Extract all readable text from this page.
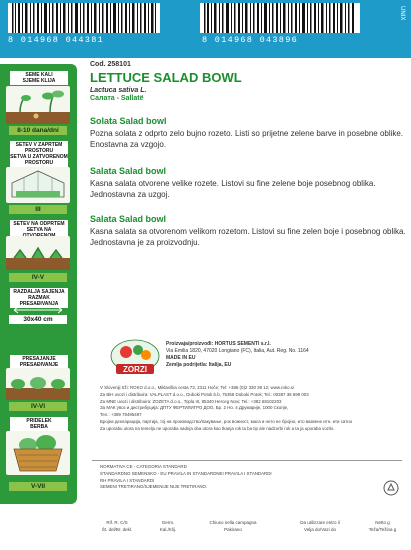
8 014968 044381	8 014968 043896
UNIX
SEME KALI
SJEME KLIJA
8-10 dana/dni
SETEV V ZAPRTEM
PROSTORU
SETVA U ZATVORENOM
PROSTORU
III
SETEV NA ODPRTEM
SETVA NA
IV-V
RAZDALJA SAJENJA
RAZMAK PRESAĐIVANJA
30x40 cm
PRESAJANJE
PRESAĐIVANJE
IV-VI
PRIDELEK
BERBA
V-VII
Cod. 258101
LETTUCE SALAD BOWL
Lactuca sativa L.
Салата - Sallatë
Solata Salad bowl
Pozna solata z odprto zelo bujno rozeto. Listi so prijetne zelene barve in posebne oblike. Enostavna za vzgojo.
Salata Salad bowl
Kasna salata otvorene velike rozete. Listovi su fine zelene boje posebnog oblika. Jednostavna za uzgoj.
Salata Salad bowl
Kasna salata sa otvorenom velikom rozetom. Listovi su fine zelen boje i posebnog oblika. Jednostavna je za proizvodnju.
ZORZI
Proizvaja/proizvođi: HORTUS SEMENTI s.r.l.
Via Emilia 1820, 47020 Longiano (FC), Italia, Aut. Reg. No. 1164
MADE IN EU
Zemlja podrijetla: Italija, EU
V Sloveniji trži: ROKO d.o.o., Miklavška cesta 73, 2311 Hoče; Tel: +386 (0)2 330 38 12; www.roko.si
Za BiH uvozi i distribuira: VALPLAST d.o.o., Duboki Potok b.b, 75358 Duboki Potok; Tel.: 00387 35 699 003
Za MNE uvozi i distribuira: ZOZETA d.o.o., Topla III, 85340 Herceg Novi; Tel.: +382 68102203
За МАК увоз и дистрибуција: ДПТУ ФЕРТИЛИГРО ДОО, Бр. 2 Но. 4 Друмарије, 1000 Скопје,
Тел.: +389 78495497
Бројна декларација, партија, тој на производство/пакување, рок вожност, маса и нето не бројно, ито вазвене итн. ити сатно
Za uporabu utora na temelju ne uporaba sadnja oba utora kao tkanja rok ta ba tip ale nadzorbi rok a ta ja uporaba vozilo.
NORMATIVA CE - CATEGORIA STANDARD
STANDARDNO SEMENSKO - EU PRAVILA IN STANDARDNEI PRAVILA I STANDARDI
RH PRAVILA I STANDARDI
SEMENI TRETIRANO/SJEMENIJE NIJE TRETIRANO.
Rif. R. C/S
Št. del/Br. dekl.
Germ.
Kal./Klij.
Chiuso nella campagna
Pakirano
Da utilizzare entro il
Velja do/Vazi do
Netto g
Teža/Težina g
